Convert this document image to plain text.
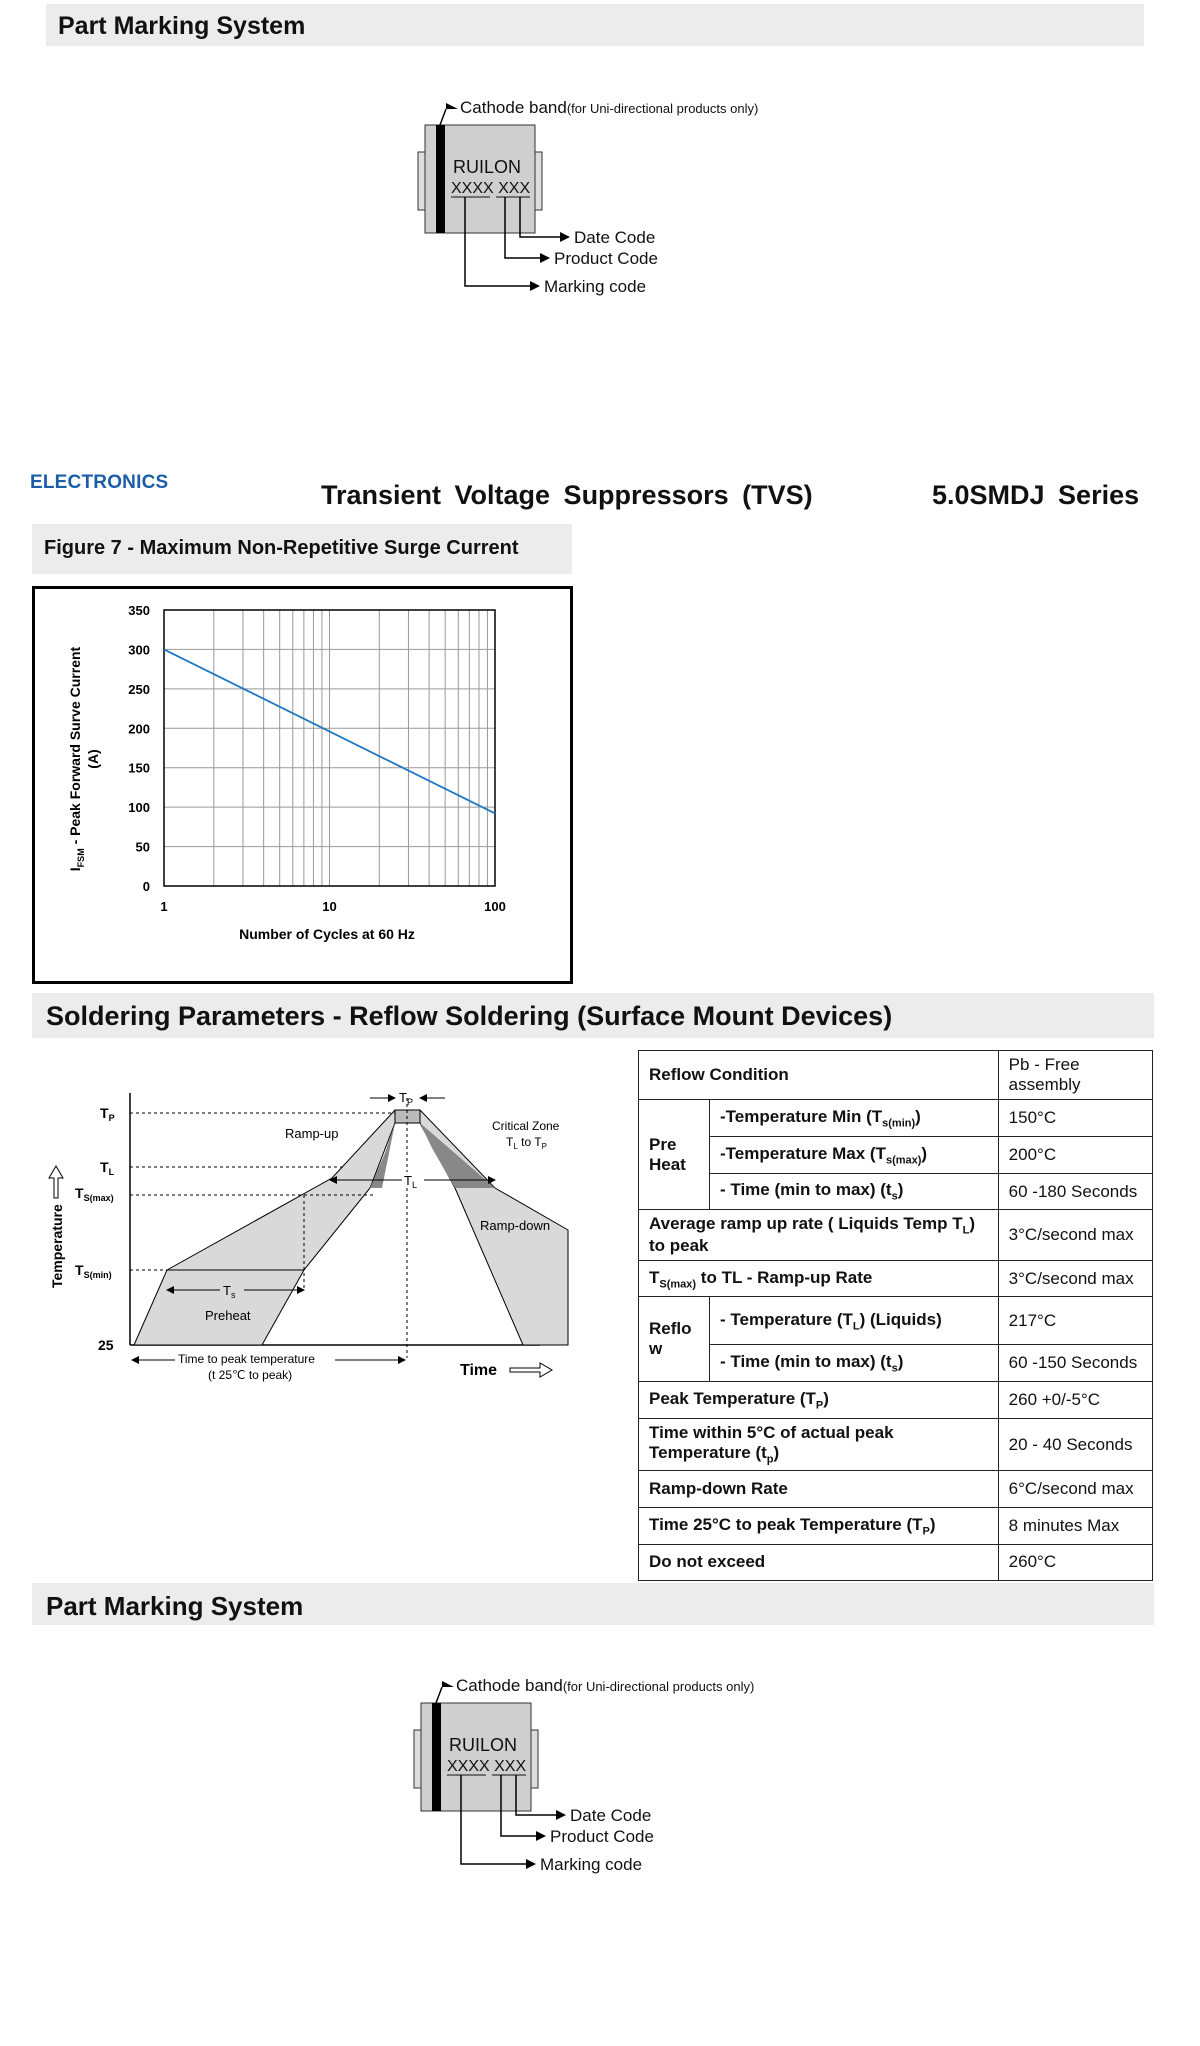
Part Marking System
RUILON
XXXX XXX
Cathode band(for Uni-directional products only)
Date Code
Product Code
Marking code
ELECTRONICS	Transient Voltage Suppressors (TVS)	5.0SMDJ Series
Figure 7 - Maximum Non-Repetitive Surge Current
0
50
100
150
200
250
300
350
1	10	100
Number of Cycles at 60 Hz
$I_{FSM}$ - Peak Forward Surve Current (A)
Soldering Parameters - Reflow Soldering (Surface Mount Devices)
$T_P$
$T_L$
$T_{S(max)}$
$T_{S(min)}$
25
Temperature
Time
Ramp-up
Ramp-down
Critical Zone
$T_L$ to $T_P$
Preheat
$T_s$
$T_L$
$T_P$
Time to peak temperature
(t 25℃ to peak)
Reflow Condition		Pb - Free assembly
Pre Heat	-Temperature Min $(T_{s(min)})$	150°C
	-Temperature Max $(T_{s(max)})$	200°C
	- Time (min to max) $(t_s)$	60 -180 Seconds
Average ramp up rate ( Liquids Temp $T_L$) to peak		3°C/second max
$T_{S(max)}$ to TL - Ramp-up Rate		3°C/second max
Reflo w	- Temperature $(T_L)$ (Liquids)	217°C
	- Time (min to max) $(t_s)$	60 -150 Seconds
Peak Temperature $(T_P)$		260 +0/-5°C
Time within 5°C of actual peak Temperature $(t_p)$		20 - 40 Seconds
Ramp-down Rate		6°C/second max
Time 25°C to peak Temperature $(T_P)$		8 minutes Max
Do not exceed		260°C
Part Marking System
RUILON
XXXX XXX
Cathode band(for Uni-directional products only)
Date Code
Product Code
Marking code
